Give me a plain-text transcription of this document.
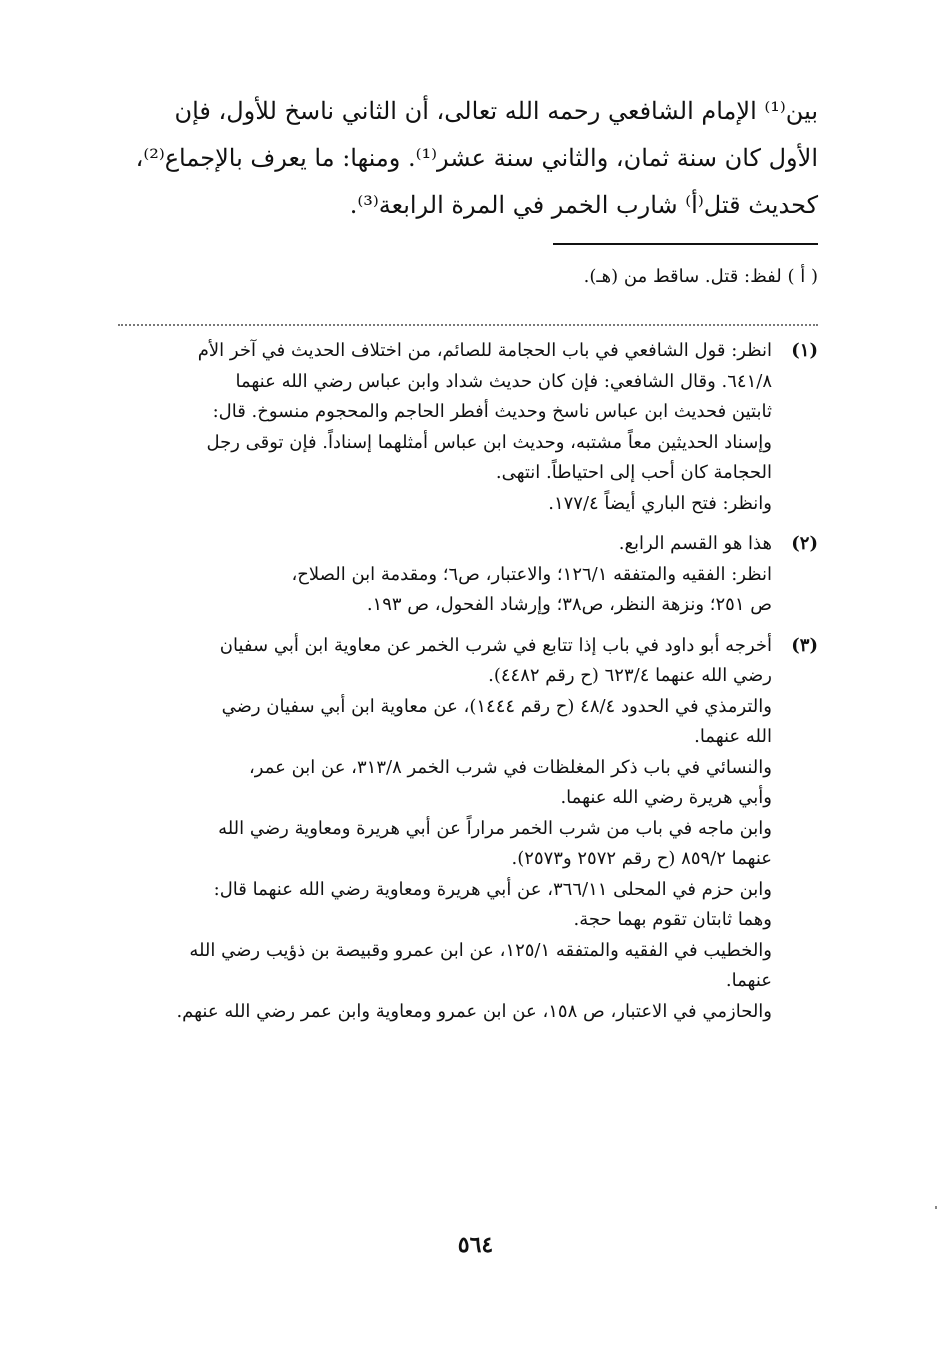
بين⁽¹⁾ الإمام الشافعي رحمه الله تعالى، أن الثاني ناسخ للأول، فإن

الأول كان سنة ثمان، والثاني سنة عشر⁽¹⁾. ومنها: ما يعرف بالإجماع⁽²⁾،

كحديث قتل⁽أ⁾ شارب الخمر في المرة الرابعة⁽³⁾.

( أ ) لفظ: قتل. ساقط من (هـ).
(١)
انظر: قول الشافعي في باب الحجامة للصائم، من اختلاف الحديث في آخر الأم
٦٤١/٨. وقال الشافعي: فإن كان حديث شداد وابن عباس رضي الله عنهما
ثابتين فحديث ابن عباس ناسخ وحديث أفطر الحاجم والمحجوم منسوخ. قال:
وإسناد الحديثين معاً مشتبه، وحديث ابن عباس أمثلهما إسناداً. فإن توقى رجل
الحجامة كان أحب إلى احتياطاً. انتهى.
وانظر: فتح الباري أيضاً ١٧٧/٤.
(٢)
هذا هو القسم الرابع.
انظر: الفقيه والمتفقه ١٢٦/١؛ والاعتبار، ص٦؛ ومقدمة ابن الصلاح،
ص ٢٥١؛ ونزهة النظر، ص٣٨؛ وإرشاد الفحول، ص ١٩٣.
(٣)
أخرجه أبو داود في باب إذا تتابع في شرب الخمر عن معاوية ابن أبي سفيان
رضي الله عنهما ٦٢٣/٤ (ح رقم ٤٤٨٢).
والترمذي في الحدود ٤٨/٤ (ح رقم ١٤٤٤)، عن معاوية ابن أبي سفيان رضي
الله عنهما.
والنسائي في باب ذكر المغلظات في شرب الخمر ٣١٣/٨، عن ابن عمر،
وأبي هريرة رضي الله عنهما.
وابن ماجه في باب من شرب الخمر مراراً عن أبي هريرة ومعاوية رضي الله
عنهما ٨٥٩/٢ (ح رقم ٢٥٧٢ و٢٥٧٣).
وابن حزم في المحلى ٣٦٦/١١، عن أبي هريرة ومعاوية رضي الله عنهما قال:
وهما ثابتان تقوم بهما حجة.
والخطيب في الفقيه والمتفقه ١٢٥/١، عن ابن عمرو وقبيصة بن ذؤيب رضي الله
عنهما.
والحازمي في الاعتبار، ص ١٥٨، عن ابن عمرو ومعاوية وابن عمر رضي الله عنهم.
٥٦٤
